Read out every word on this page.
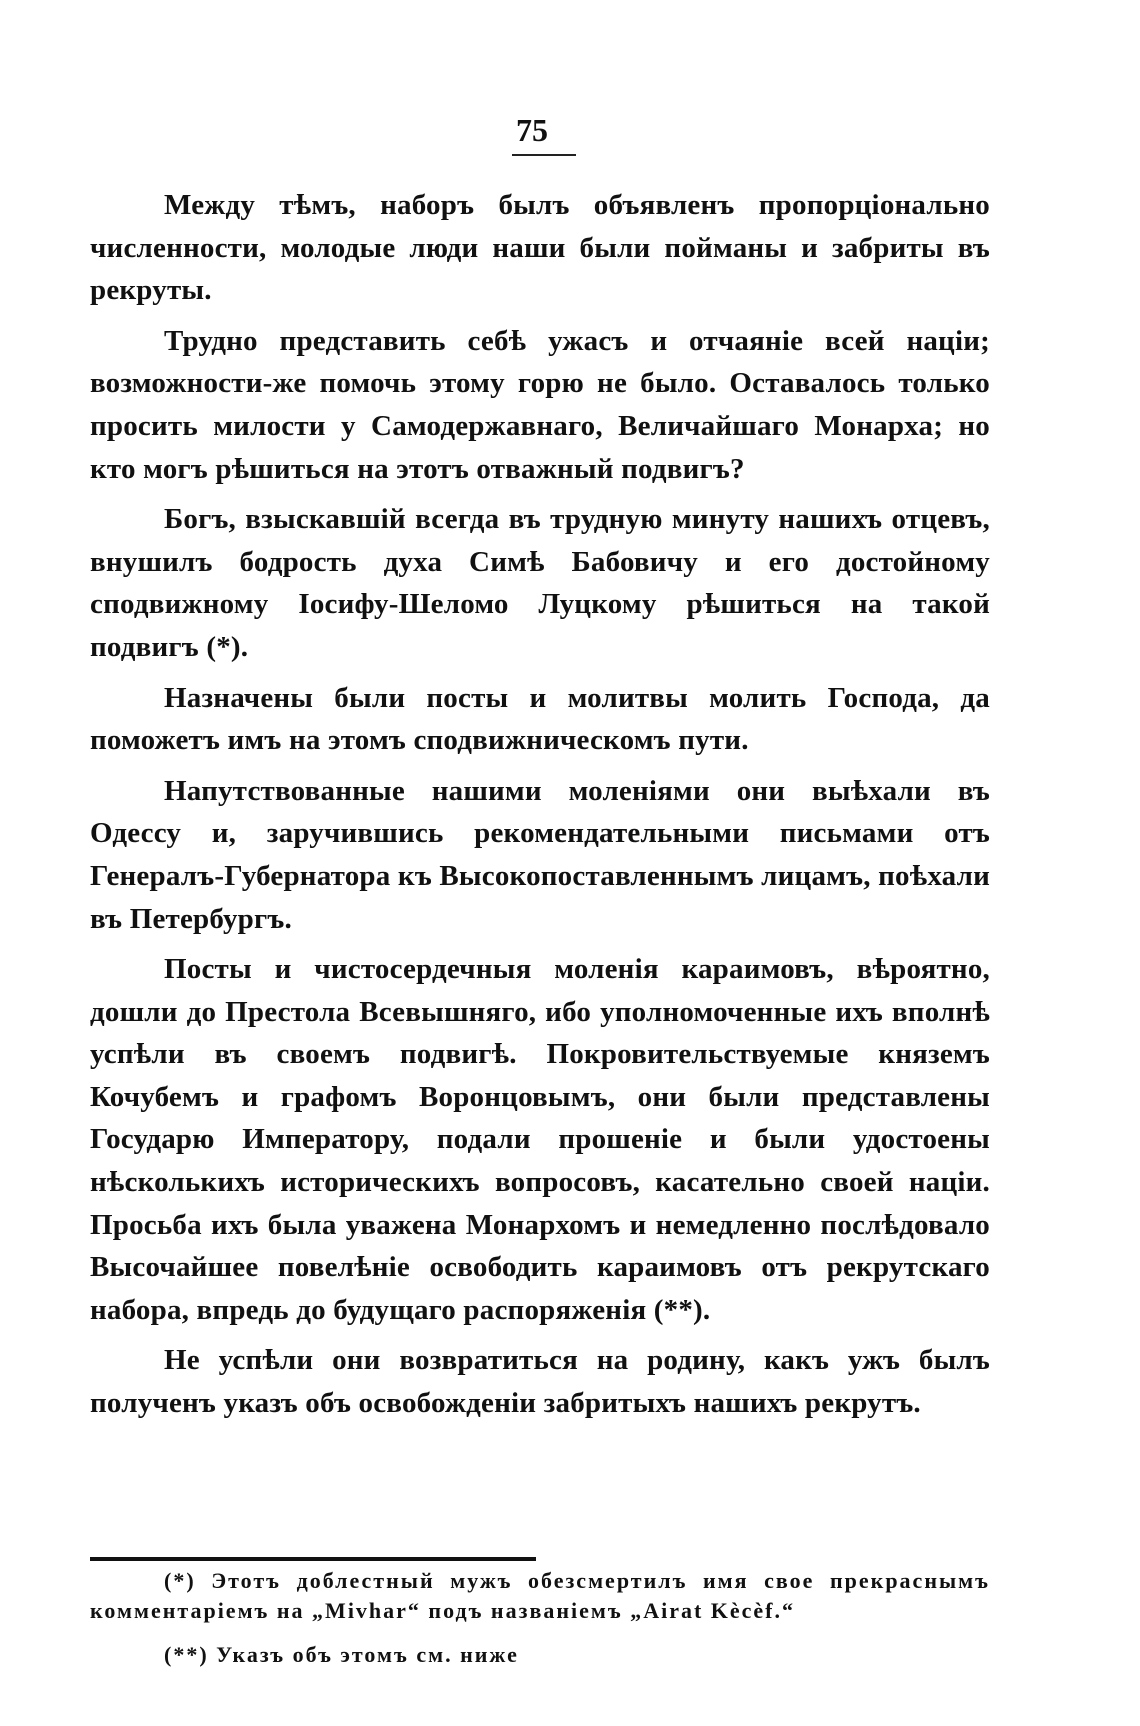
75

Между тѣмъ, наборъ былъ объявленъ пропорціонально численности, молодые люди наши были пойманы и забриты въ рекруты.

Трудно представить себѣ ужасъ и отчаяніе всей націи; возможности-же помочь этому горю не было. Оставалось только просить милости у Самодержавнаго, Величайшаго Монарха; но кто могъ рѣшиться на этотъ отважный подвигъ?

Богъ, взыскавшій всегда въ трудную минуту нашихъ отцевъ, внушилъ бодрость духа Симѣ Бабовичу и его достойному сподвижному Іосифу-Шеломо Луцкому рѣшиться на такой подвигъ (*).

Назначены были посты и молитвы молить Господа, да поможетъ имъ на этомъ сподвижническомъ пути.

Напутствованные нашими моленіями они выѣхали въ Одессу и, заручившись рекомендательными письмами отъ Генералъ-Губернатора къ Высокопоставленнымъ лицамъ, поѣхали въ Петербургъ.

Посты и чистосердечныя моленія караимовъ, вѣроятно, дошли до Престола Всевышняго, ибо уполномоченные ихъ вполнѣ успѣли въ своемъ подвигѣ. Покровительствуемые княземъ Кочубемъ и графомъ Воронцовымъ, они были представлены Государю Императору, подали прошеніе и были удостоены нѣсколькихъ историческихъ вопросовъ, касательно своей націи. Просьба ихъ была уважена Монархомъ и немедленно послѣдовало Высочайшее повелѣніе освободить караимовъ отъ рекрутскаго набора, впредь до будущаго распоряженія (**).

Не успѣли они возвратиться на родину, какъ ужъ былъ полученъ указъ объ освобожденіи забритыхъ нашихъ рекрутъ.

(*) Этотъ доблестный мужъ обезсмертилъ имя свое прекраснымъ комментаріемъ на „Mivhar“ подъ названіемъ „Airat Kèсèf.“

(**) Указъ объ этомъ см. ниже
